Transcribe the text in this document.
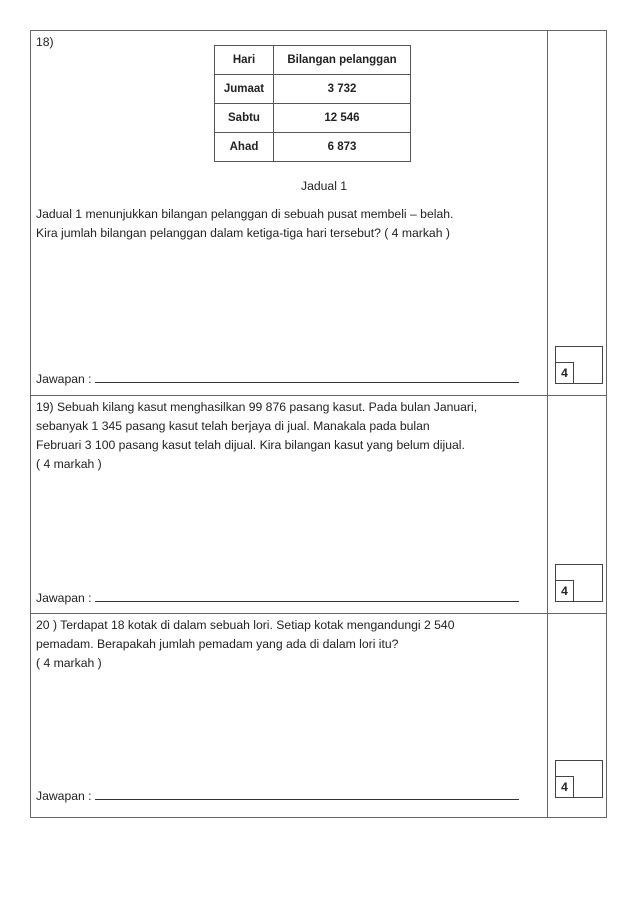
18)
Hari	Bilangan pelanggan
Jumaat	3 732
Sabtu	12 546
Ahad	6 873
Jadual 1
Jadual 1 menunjukkan bilangan pelanggan di sebuah pusat membeli – belah.
Kira jumlah bilangan pelanggan dalam ketiga-tiga hari tersebut? ( 4 markah )
Jawapan :	4
19) Sebuah kilang kasut menghasilkan 99 876 pasang kasut. Pada bulan Januari,
sebanyak 1 345 pasang kasut telah berjaya di jual. Manakala pada bulan
Februari 3 100 pasang kasut telah dijual. Kira bilangan kasut yang belum dijual.
( 4 markah )
Jawapan :	4
20 ) Terdapat 18 kotak di dalam sebuah lori. Setiap kotak mengandungi 2 540
pemadam. Berapakah jumlah pemadam yang ada di dalam lori itu?
( 4 markah )
Jawapan :
4
